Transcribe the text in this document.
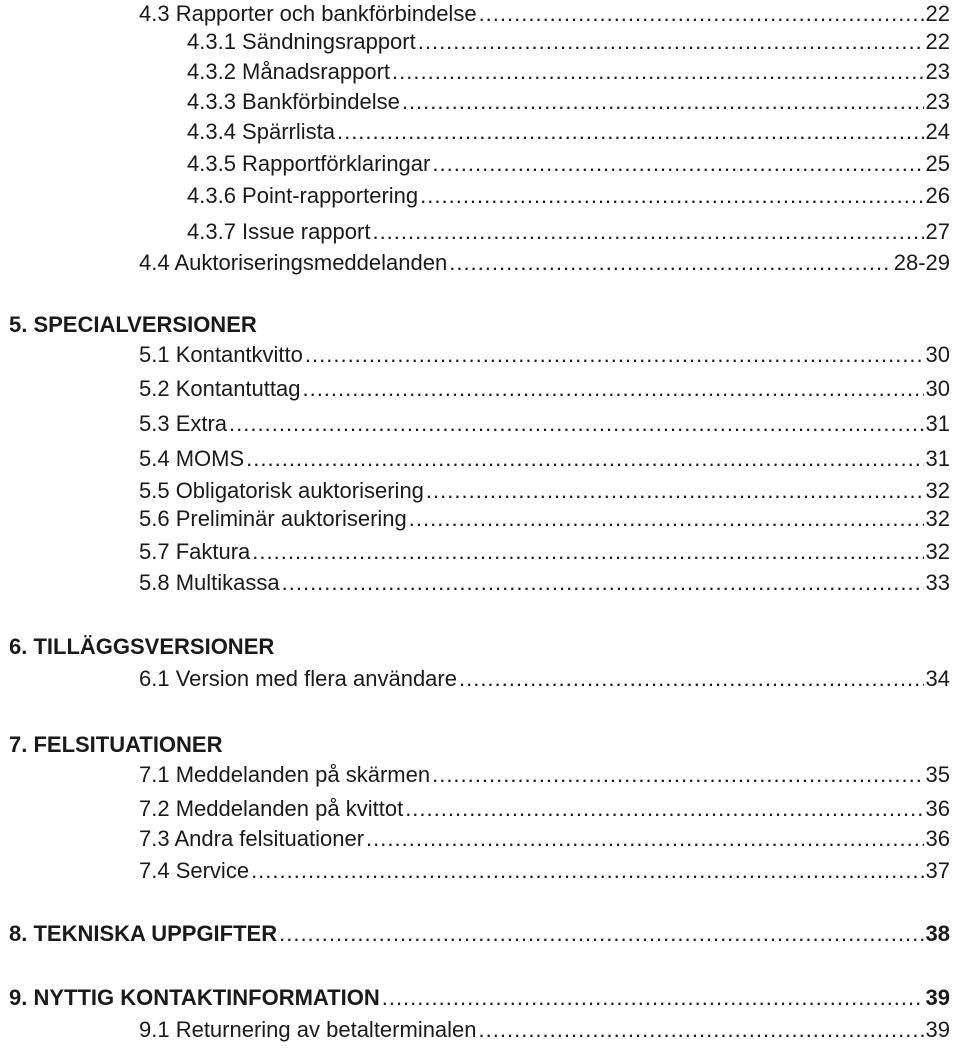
4.3 Rapporter och bankförbindelse .....	22
4.3.1 Sändningsrapport .....	22
4.3.2 Månadsrapport .....	23
4.3.3 Bankförbindelse .....	23
4.3.4 Spärrlista .....	24
4.3.5 Rapportförklaringar .....	25
4.3.6 Point-rapportering .....	26
4.3.7 Issue rapport .....	27
4.4 Auktoriseringsmeddelanden .....	28-29
5. SPECIALVERSIONER
5.1 Kontantkvitto .....	30
5.2 Kontantuttag .....	30
5.3 Extra .....	31
5.4 MOMS .....	31
5.5 Obligatorisk auktorisering .....	32
5.6 Preliminär auktorisering .....	32
5.7 Faktura .....	32
5.8 Multikassa .....	33
6. TILLÄGGSVERSIONER
6.1 Version med flera användare .....	34
7. FELSITUATIONER
7.1 Meddelanden på skärmen .....	35
7.2 Meddelanden på kvittot .....	36
7.3 Andra felsituationer .....	36
7.4 Service .....	37
8. TEKNISKA UPPGIFTER .....	38
9. NYTTIG KONTAKTINFORMATION .....	39
9.1 Returnering av betalterminalen .....	39
